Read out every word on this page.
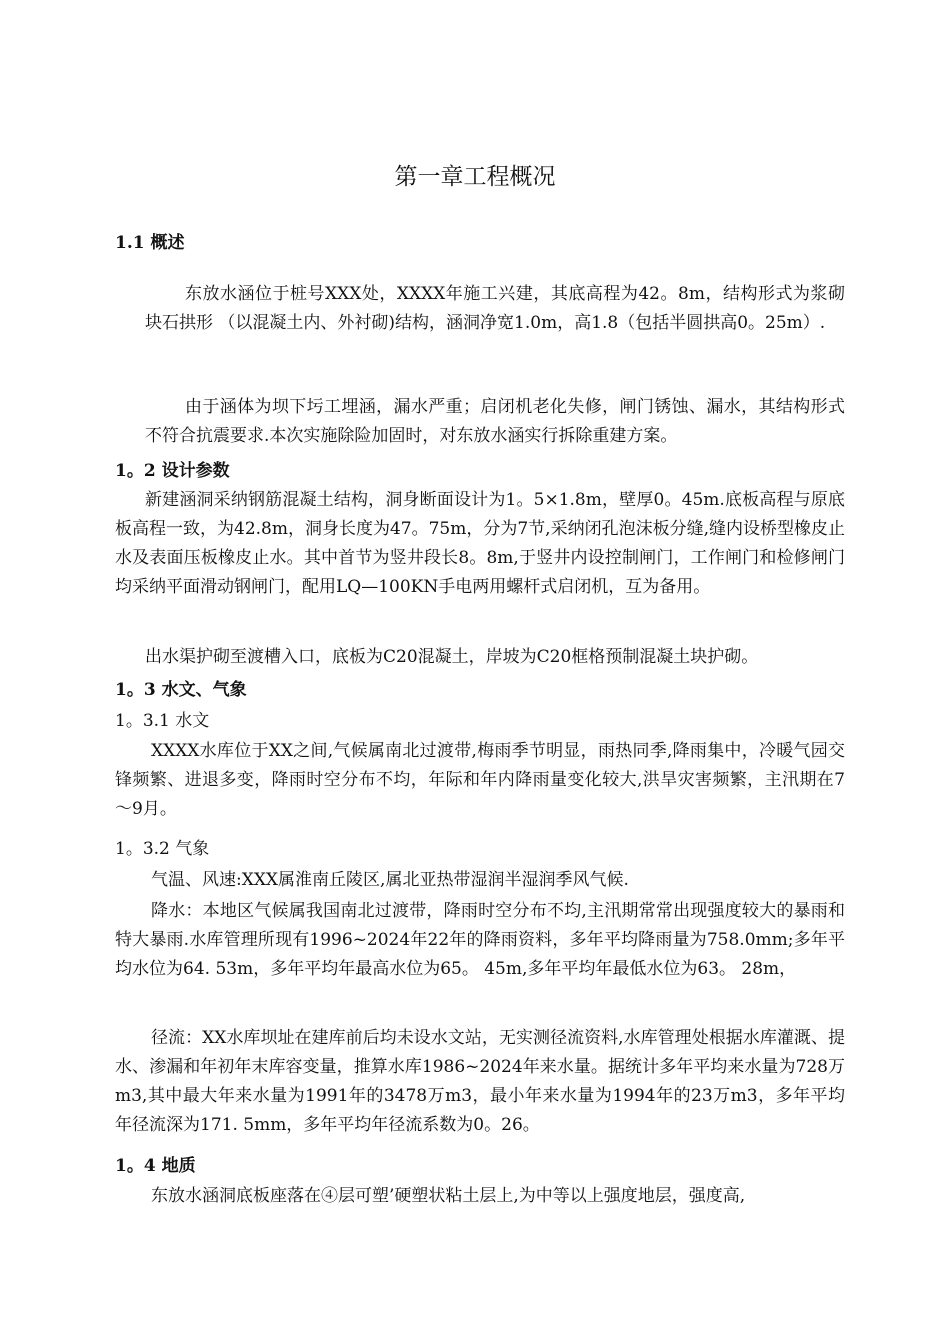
第一章工程概况
1.1 概述
东放水涵位于桩号XXX处，XXXX年施工兴建，其底高程为42。8m，结构形式为浆砌块石拱形 （以混凝土内、外衬砌)结构，涵洞净宽1.0m，高1.8（包括半圆拱高0。25m）.
由于涵体为坝下圬工埋涵，漏水严重；启闭机老化失修，闸门锈蚀、漏水，其结构形式不符合抗震要求.本次实施除险加固时，对东放水涵实行拆除重建方案。
1。2 设计参数
新建涵洞采纳钢筋混凝土结构，洞身断面设计为1。5×1.8m，壁厚0。45m.底板高程与原底板高程一致，为42.8m，洞身长度为47。75m，分为7节,采纳闭孔泡沫板分缝,缝内设桥型橡皮止水及表面压板橡皮止水。其中首节为竖井段长8。8m,于竖井内设控制闸门，工作闸门和检修闸门均采纳平面滑动钢闸门，配用LQ—100KN手电两用螺杆式启闭机，互为备用。
出水渠护砌至渡槽入口，底板为C20混凝土，岸坡为C20框格预制混凝土块护砌。
1。3 水文、气象
1。3.1 水文
XXXX水库位于XX之间,气候属南北过渡带,梅雨季节明显，雨热同季,降雨集中，冷暖气园交锋频繁、进退多变，降雨时空分布不均，年际和年内降雨量变化较大,洪旱灾害频繁，主汛期在7～9月。
1。3.2 气象
气温、风速:XXX属淮南丘陵区,属北亚热带湿润半湿润季风气候.
降水：本地区气候属我国南北过渡带，降雨时空分布不均,主汛期常常出现强度较大的暴雨和特大暴雨.水库管理所现有1996~2024年22年的降雨资料，多年平均降雨量为758.0mm;多年平均水位为64. 53m，多年平均年最高水位为65。 45m,多年平均年最低水位为63。 28m，
径流：XX水库坝址在建库前后均未设水文站，无实测径流资料,水库管理处根据水库灌溉、提水、渗漏和年初年末库容变量，推算水库1986~2024年来水量。据统计多年平均来水量为728万m3,其中最大年来水量为1991年的3478万m3，最小年来水量为1994年的23万m3，多年平均年径流深为171. 5mm，多年平均年径流系数为0。26。
1。4 地质
东放水涵洞底板座落在④层可塑’硬塑状粘土层上,为中等以上强度地层，强度高,
